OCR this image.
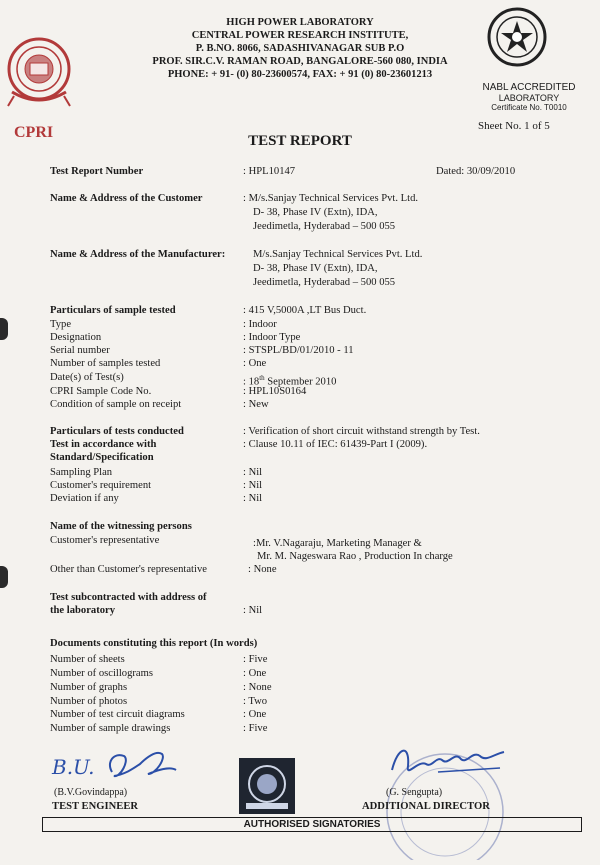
CPRI
NABL ACCREDITED
LABORATORY
Certificate No. T0010
Sheet No. 1 of 5
HIGH POWER LABORATORY
CENTRAL POWER RESEARCH INSTITUTE,
P. B.NO. 8066, SADASHIVANAGAR SUB P.O
PROF. SIR.C.V. RAMAN ROAD, BANGALORE-560 080, INDIA
PHONE: + 91- (0) 80-23600574, FAX: + 91 (0) 80-23601213
TEST REPORT
Test Report Number	: HPL10147	Dated: 30/09/2010
Name & Address of the Customer	: M/s.Sanjay Technical Services Pvt. Ltd.
D- 38, Phase IV (Extn), IDA,
Jeedimetla, Hyderabad – 500 055
Name & Address of the Manufacturer:	M/s.Sanjay Technical Services Pvt. Ltd.
D- 38, Phase IV (Extn), IDA,
Jeedimetla, Hyderabad – 500 055
Particulars of sample tested	: 415 V,5000A ,LT Bus Duct.
Type	: Indoor
Designation	: Indoor Type
Serial number	: STSPL/BD/01/2010 - 11
Number of samples tested	: One
Date(s) of Test(s)	: 18th September 2010
CPRI Sample Code No.	: HPL10S0164
Condition of sample on receipt	: New
Particulars of tests conducted	: Verification of short circuit withstand strength by Test.
Test in accordance with	: Clause 10.11 of IEC: 61439-Part I (2009).
Standard/Specification
Sampling Plan	: Nil
Customer's requirement	: Nil
Deviation if any	: Nil
Name of the witnessing persons
Customer's representative	:Mr. V.Nagaraju, Marketing Manager &
Mr. M. Nageswara Rao , Production In charge
Other than Customer's representative	: None
Test subcontracted with address of
the laboratory	: Nil
Documents constituting this report (In words)
Number of sheets	: Five
Number of oscillograms	: One
Number of graphs	: None
Number of photos	: Two
Number of test circuit diagrams	: One
Number of sample drawings	: Five
B.U.
(B.V.Govindappa)
TEST ENGINEER
(G. Sengupta)
ADDITIONAL DIRECTOR
AUTHORISED SIGNATORIES
